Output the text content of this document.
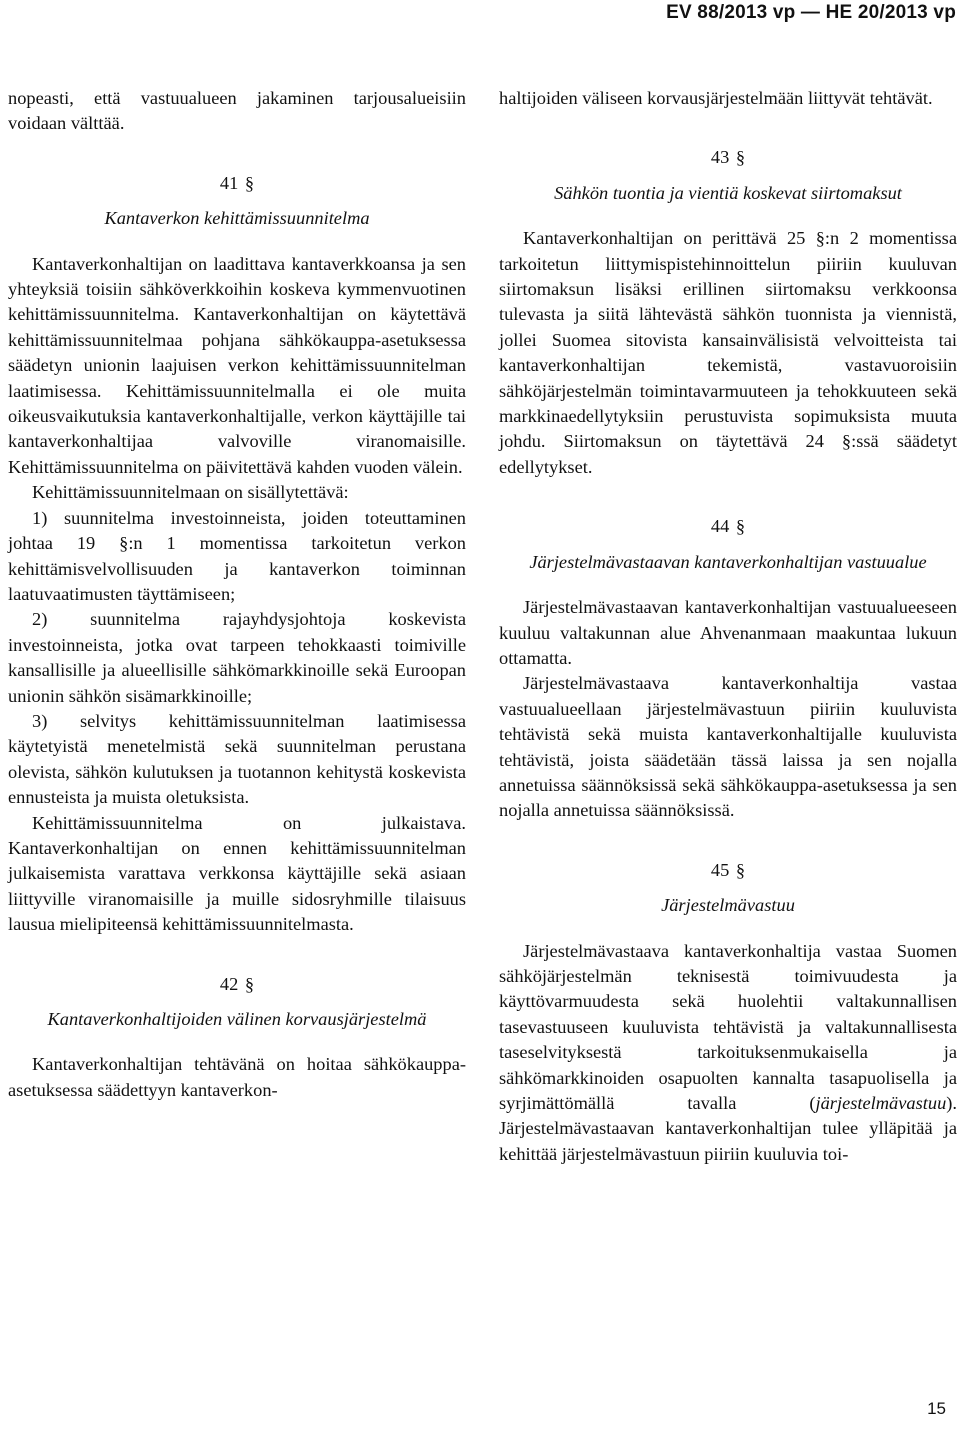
EV 88/2013 vp — HE 20/2013 vp

nopeasti, että vastuualueen jakaminen tarjousalueisiin voidaan välttää.

41 §
Kantaverkon kehittämissuunnitelma

Kantaverkonhaltijan on laadittava kantaverkkoansa ja sen yhteyksiä toisiin sähköverkkoihin koskeva kymmenvuotinen kehittämissuunnitelma. Kantaverkonhaltijan on käytettävä kehittämissuunnitelmaa pohjana sähkökauppa-asetuksessa säädetyn unionin laajuisen verkon kehittämissuunnitelman laatimisessa. Kehittämissuunnitelmalla ei ole muita oikeusvaikutuksia kantaverkonhaltijalle, verkon käyttäjille tai kantaverkonhaltijaa valvoville viranomaisille. Kehittämissuunnitelma on päivitettävä kahden vuoden välein.

Kehittämissuunnitelmaan on sisällytettävä:

1) suunnitelma investoinneista, joiden toteuttaminen johtaa 19 §:n 1 momentissa tarkoitetun verkon kehittämisvelvollisuuden ja kantaverkon toiminnan laatuvaatimusten täyttämiseen;

2) suunnitelma rajayhdysjohtoja koskevista investoinneista, jotka ovat tarpeen tehokkaasti toimiville kansallisille ja alueellisille sähkömarkkinoille sekä Euroopan unionin sähkön sisämarkkinoille;

3) selvitys kehittämissuunnitelman laatimisessa käytetyistä menetelmistä sekä suunnitelman perustana olevista, sähkön kulutuksen ja tuotannon kehitystä koskevista ennusteista ja muista oletuksista.

Kehittämissuunnitelma on julkaistava. Kantaverkonhaltijan on ennen kehittämissuunnitelman julkaisemista varattava verkkonsa käyttäjille sekä asiaan liittyville viranomaisille ja muille sidosryhmille tilaisuus lausua mielipiteensä kehittämissuunnitelmasta.

42 §
Kantaverkonhaltijoiden välinen korvausjärjestelmä

Kantaverkonhaltijan tehtävänä on hoitaa sähkökauppa-asetuksessa säädettyyn kantaverkon-

haltijoiden väliseen korvausjärjestelmään liittyvät tehtävät.

43 §
Sähkön tuontia ja vientiä koskevat siirtomaksut

Kantaverkonhaltijan on perittävä 25 §:n 2 momentissa tarkoitetun liittymispistehinnoittelun piiriin kuuluvan siirtomaksun lisäksi erillinen siirtomaksu verkkoonsa tulevasta ja siitä lähtevästä sähkön tuonnista ja viennistä, jollei Suomea sitovista kansainvälisistä velvoitteista tai kantaverkonhaltijan tekemistä, vastavuoroisiin sähköjärjestelmän toimintavarmuuteen ja tehokkuuteen sekä markkinaedellytyksiin perustuvista sopimuksista muuta johdu. Siirtomaksun on täytettävä 24 §:ssä säädetyt edellytykset.

44 §
Järjestelmävastaavan kantaverkonhaltijan vastuualue

Järjestelmävastaavan kantaverkonhaltijan vastuualueeseen kuuluu valtakunnan alue Ahvenanmaan maakuntaa lukuun ottamatta.

Järjestelmävastaava kantaverkonhaltija vastaa vastuualueellaan järjestelmävastuun piiriin kuuluvista tehtävistä sekä muista kantaverkonhaltijalle kuuluvista tehtävistä, joista säädetään tässä laissa ja sen nojalla annetuissa säännöksissä sekä sähkökauppa-asetuksessa ja sen nojalla annetuissa säännöksissä.

45 §
Järjestelmävastuu

Järjestelmävastaava kantaverkonhaltija vastaa Suomen sähköjärjestelmän teknisestä toimivuudesta ja käyttövarmuudesta sekä huolehtii valtakunnallisen tasevastuuseen kuuluvista tehtävistä ja valtakunnallisesta taseselvityksestä tarkoituksenmukaisella ja sähkömarkkinoiden osapuolten kannalta tasapuolisella ja syrjimättömällä tavalla (järjestelmävastuu). Järjestelmävastaavan kantaverkonhaltijan tulee ylläpitää ja kehittää järjestelmävastuun piiriin kuuluvia toi-

15
